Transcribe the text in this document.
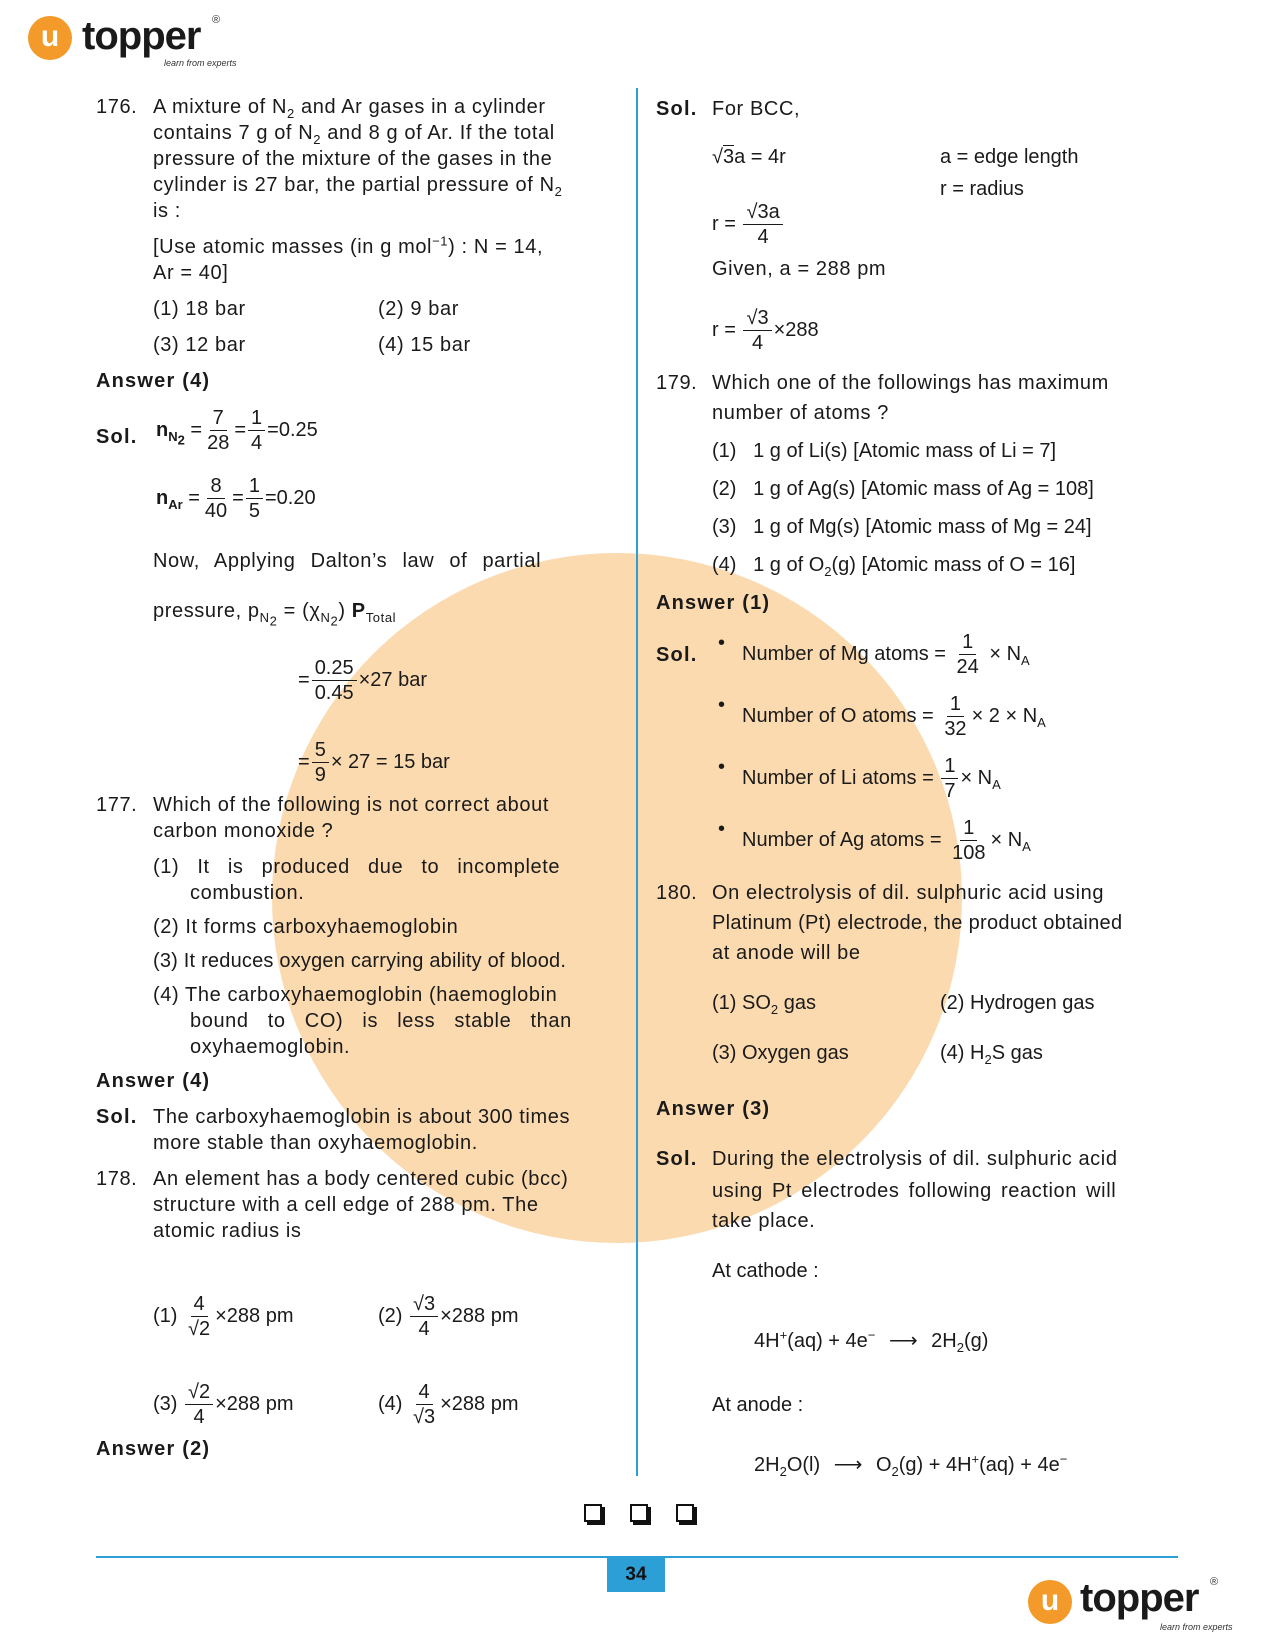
u topper ®
learn from experts
176. A mixture of $N_2$ and Ar gases in a cylinder
contains 7 g of $N_2$ and 8 g of Ar. If the total
pressure of the mixture of the gases in the
cylinder is 27 bar, the partial pressure of $N_2$
is :
[Use atomic masses (in g mol$^{-1}$) : N = 14,
Ar = 40]
(1) 18 bar	(2) 9 bar
(3) 12 bar	(4) 15 bar
Answer (4)
Sol. $n_{N_2} = \frac{7}{28} = \frac{1}{4} =0.25$
$n_{Ar} = \frac{8}{40} = \frac{1}{5} =0.20$
Now, Applying Dalton’s law of partial
pressure, $p_{N_2} = (\chi_{N_2})$ $P_{Total}$
= $\frac{0.25}{0.45} \times 27$ bar
= $\frac{5}{9} \times 27 = 15$ bar
177. Which of the following is not correct about
carbon monoxide ?
(1) It is produced due to incomplete
combustion.
(2) It forms carboxyhaemoglobin
(3) It reduces oxygen carrying ability of blood.
(4) The carboxyhaemoglobin (haemoglobin
bound to CO) is less stable than
oxyhaemoglobin.
Answer (4)
Sol. The carboxyhaemoglobin is about 300 times
more stable than oxyhaemoglobin.
178. An element has a body centered cubic (bcc)
structure with a cell edge of 288 pm. The
atomic radius is
$(1) \frac{4}{√2} \times 288$ pm	$(2) \frac{√3}{4} \times 288$ pm
$(3) \frac{√2}{4} \times 288$ pm	$(4) \frac{4}{√3} \times 288$ pm
Answer (2)
Sol. For BCC,
√3a = 4r	a = edge length
r = radius
$r = \frac{√3a}{4}$
Given, a = 288 pm
$r = \frac{√3}{4} \times 288$
179. Which one of the followings has maximum
number of atoms ?
(1)   1 g of Li(s) [Atomic mass of Li = 7]
(2)   1 g of Ag(s) [Atomic mass of Ag = 108]
(3)   1 g of Mg(s) [Atomic mass of Mg = 24]
(4)   1 g of $O_2(g)$ [Atomic mass of O = 16]
Answer (1)
Sol.
• Number of Mg atoms = $\frac{1}{24} \times N_A$
• Number of O atoms = $\frac{1}{32} \times 2 \times N_A$
• Number of Li atoms = $\frac{1}{7} \times N_A$
• Number of Ag atoms = $\frac{1}{108} \times N_A$
180. On electrolysis of dil. sulphuric acid using
Platinum (Pt) electrode, the product obtained
at anode will be
(1) $SO_2$ gas	(2) Hydrogen gas
(3) Oxygen gas	(4) $H_2S$ gas
Answer (3)
Sol. During the electrolysis of dil. sulphuric acid
using Pt electrodes following reaction will
take place.
At cathode :
4H+(aq) + 4e− ⟶ $2H_2(g)$
At anode :
$2H_2O(l)$ ⟶ $O_2(g) + 4H^+(aq) + 4e^-$
34
u topper ®
learn from experts
